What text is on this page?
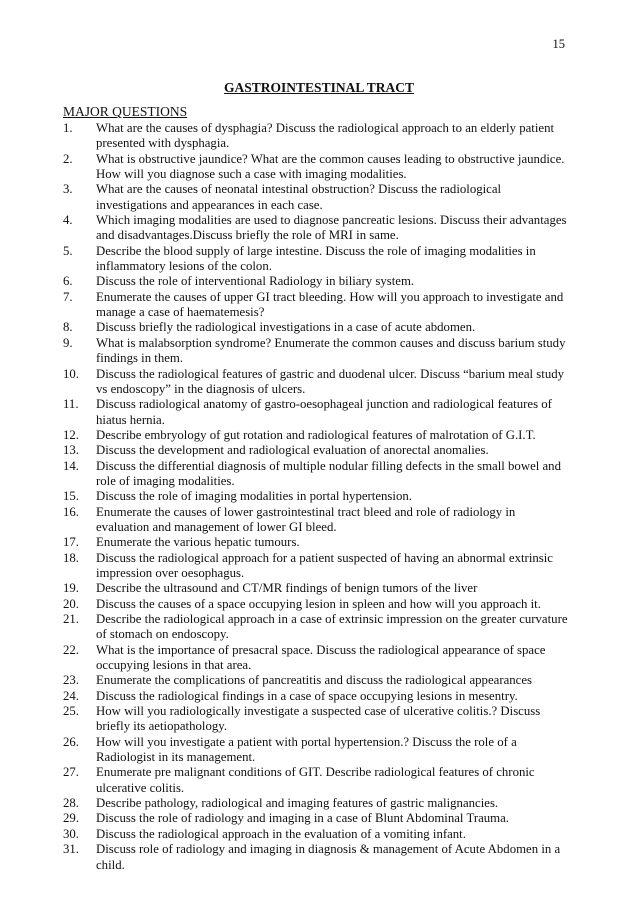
15
GASTROINTESTINAL TRACT
MAJOR QUESTIONS
1. What are the causes of dysphagia? Discuss the radiological approach to an elderly patient presented with dysphagia.
2. What is obstructive jaundice? What are the common causes leading to obstructive jaundice. How will you diagnose such a case with imaging modalities.
3. What are the causes of neonatal intestinal obstruction? Discuss the radiological investigations and appearances in each case.
4. Which imaging modalities are used to diagnose pancreatic lesions. Discuss their advantages and disadvantages.Discuss briefly the role of MRI in same.
5. Describe the blood supply of large intestine. Discuss the role of imaging modalities in inflammatory lesions of the colon.
6. Discuss the role of interventional Radiology in biliary system.
7. Enumerate the causes of upper GI tract bleeding. How will you approach to investigate and manage a case of haematemesis?
8. Discuss briefly the radiological investigations in a case of acute abdomen.
9. What is malabsorption syndrome? Enumerate the common causes and discuss barium study findings in them.
10. Discuss the radiological features of gastric and duodenal ulcer. Discuss “barium meal study vs endoscopy” in the diagnosis of ulcers.
11. Discuss radiological anatomy of gastro-oesophageal junction and radiological features of hiatus hernia.
12. Describe embryology of gut rotation and radiological features of malrotation of G.I.T.
13. Discuss the development and radiological evaluation of anorectal anomalies.
14. Discuss the differential diagnosis of multiple nodular filling defects in the small bowel and role of imaging modalities.
15. Discuss the role of imaging modalities in portal hypertension.
16. Enumerate the causes of lower gastrointestinal tract bleed and role of radiology in evaluation and management of lower GI bleed.
17. Enumerate the various hepatic tumours.
18. Discuss the radiological approach for a patient suspected of having an abnormal extrinsic impression over oesophagus.
19. Describe the ultrasound and CT/MR findings of benign tumors of the liver
20. Discuss the causes of a space occupying lesion in spleen and how will you approach it.
21. Describe the radiological approach in a case of extrinsic impression on the greater curvature of stomach on endoscopy.
22. What is the importance of presacral space. Discuss the radiological appearance of space occupying lesions in that area.
23. Enumerate the complications of pancreatitis and discuss the radiological appearances
24. Discuss the radiological findings in a case of space occupying lesions in mesentry.
25. How will you radiologically investigate a suspected case of ulcerative colitis.? Discuss briefly its aetiopathology.
26. How will you investigate a patient with portal hypertension.? Discuss the role of a Radiologist in its management.
27. Enumerate pre malignant conditions of GIT. Describe radiological features of chronic ulcerative colitis.
28. Describe pathology, radiological and imaging features of gastric malignancies.
29. Discuss the role of radiology and imaging in a case of Blunt Abdominal Trauma.
30. Discuss the radiological approach in the evaluation of a vomiting infant.
31. Discuss role of radiology and imaging in diagnosis & management of Acute Abdomen in a child.
